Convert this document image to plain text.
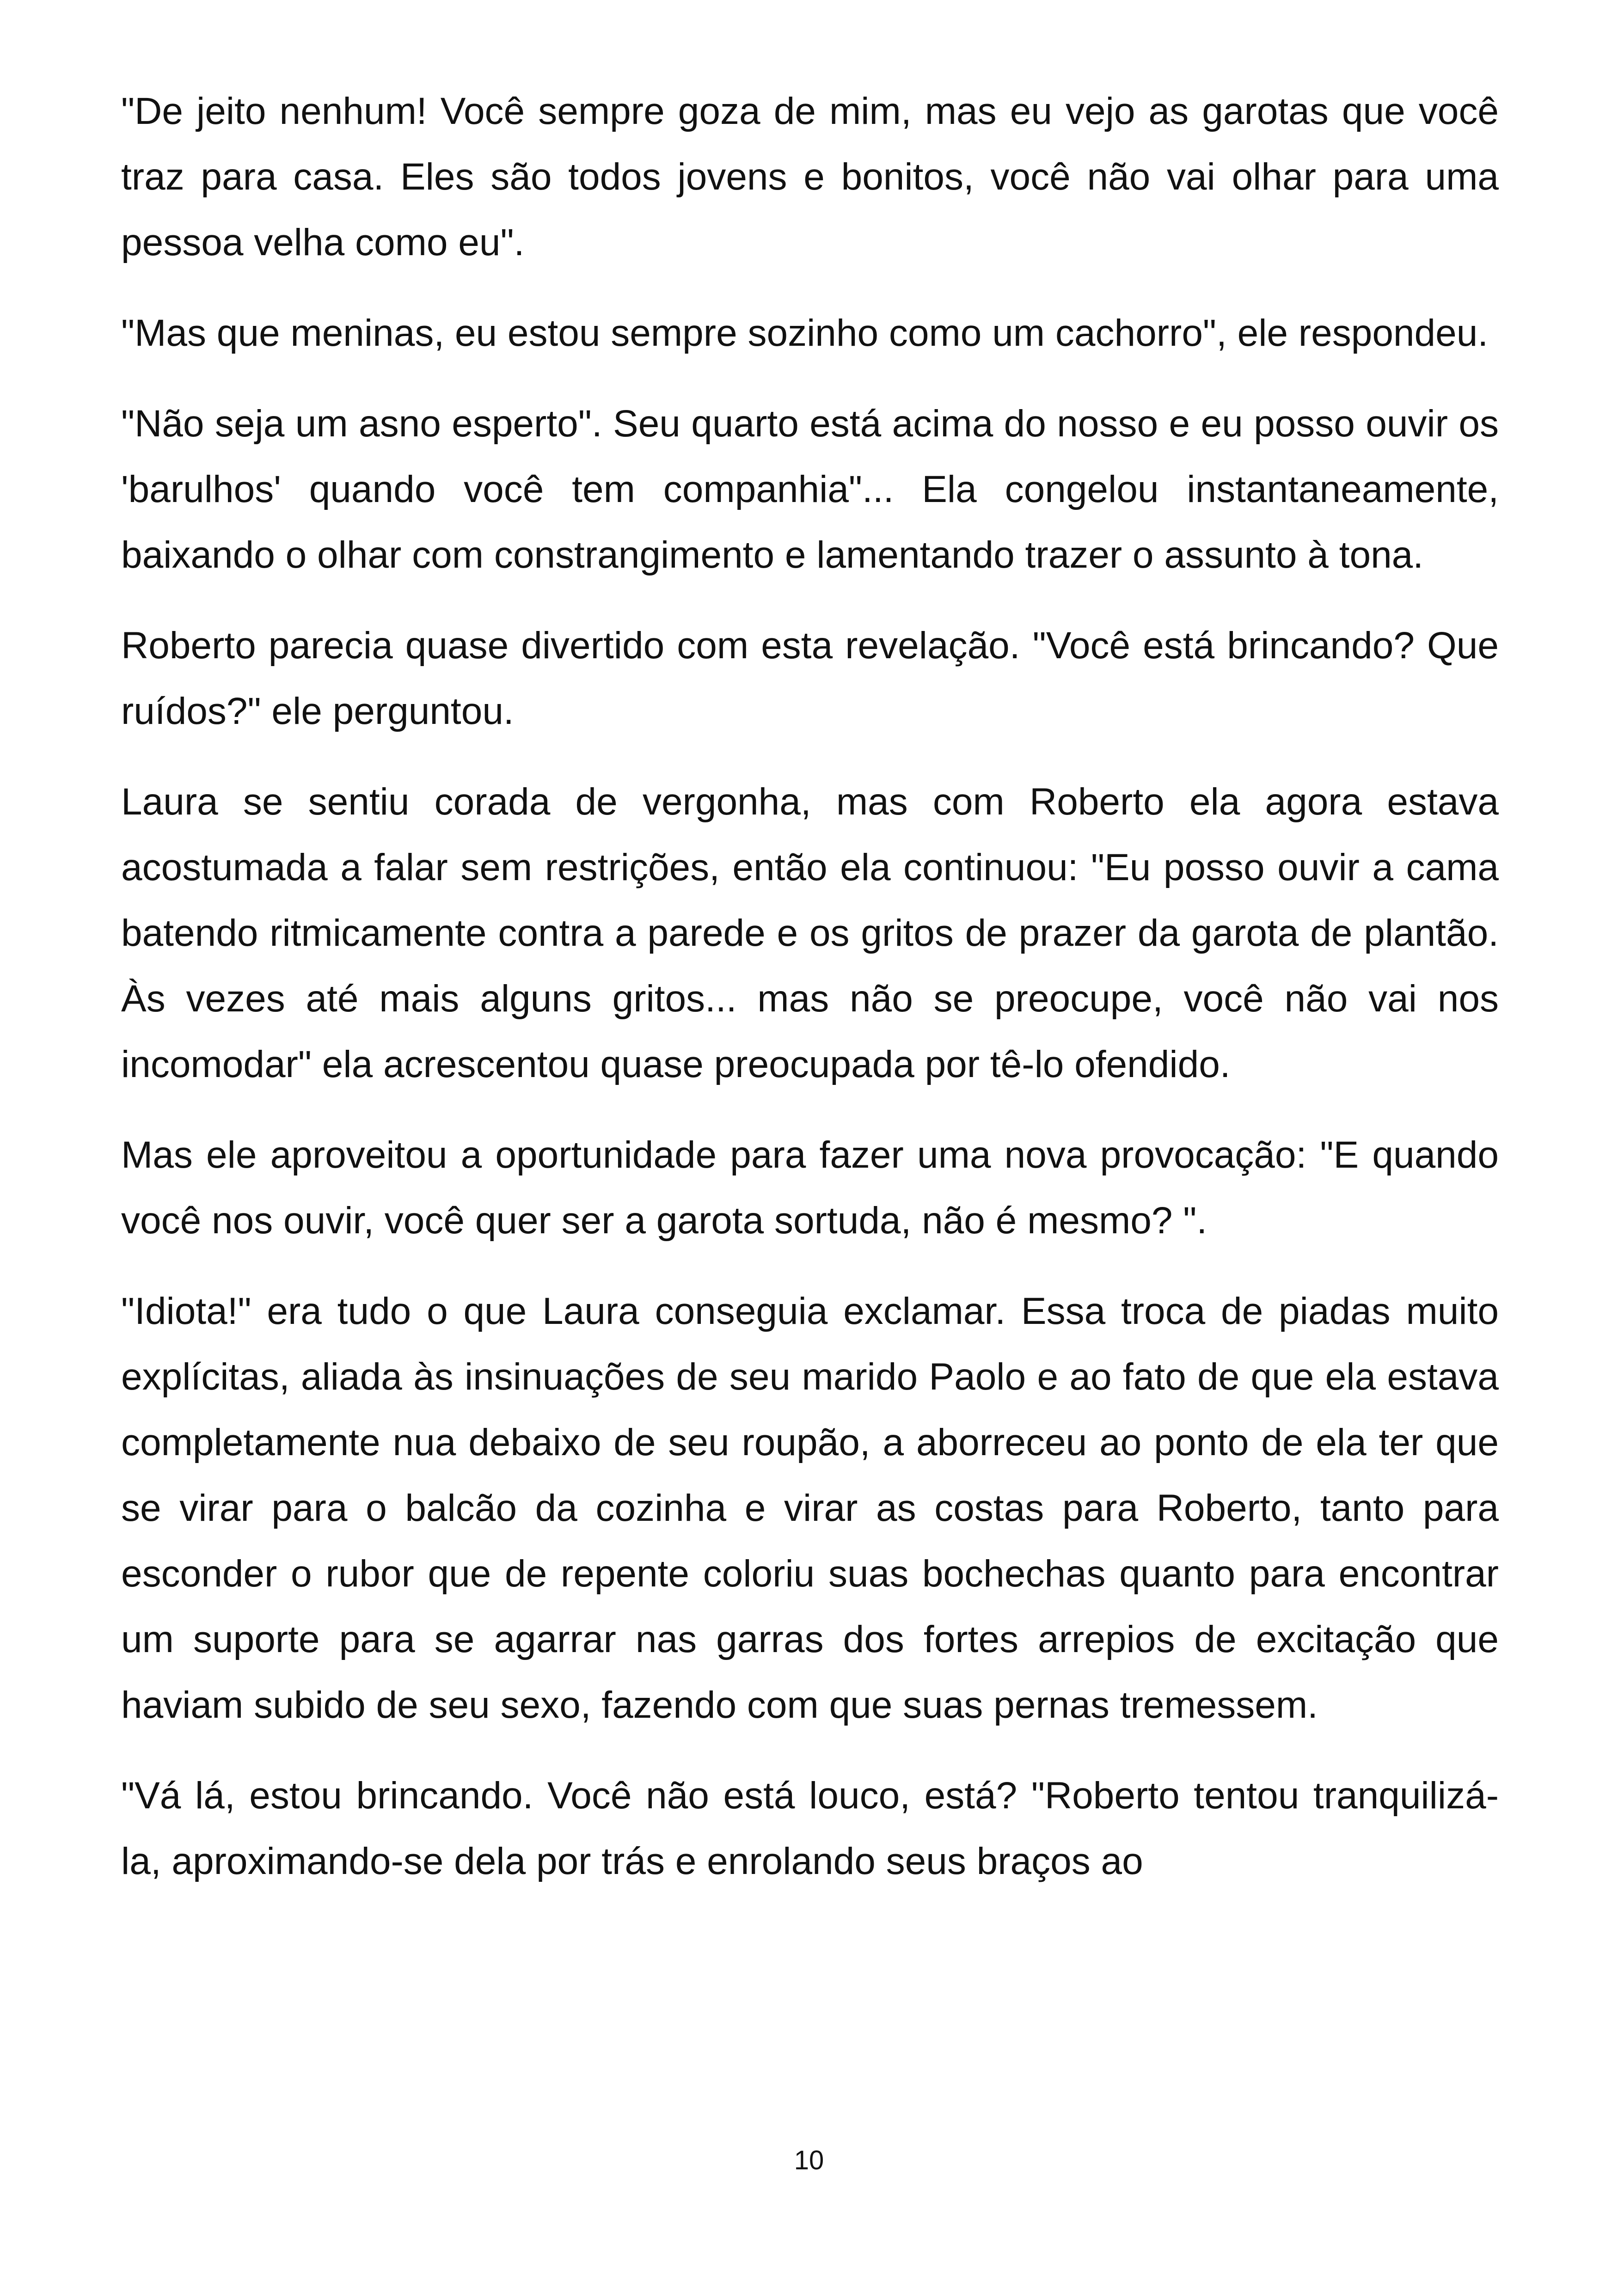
"De jeito nenhum! Você sempre goza de mim, mas eu vejo as garotas que você traz para casa. Eles são todos jovens e bonitos, você não vai olhar para uma pessoa velha como eu".

"Mas que meninas, eu estou sempre sozinho como um cachorro", ele respondeu.

"Não seja um asno esperto". Seu quarto está acima do nosso e eu posso ouvir os 'barulhos' quando você tem companhia"... Ela congelou instantaneamente, baixando o olhar com constrangimento e lamentando trazer o assunto à tona.

Roberto parecia quase divertido com esta revelação. "Você está brincando? Que ruídos?" ele perguntou.

Laura se sentiu corada de vergonha, mas com Roberto ela agora estava acostumada a falar sem restrições, então ela continuou: "Eu posso ouvir a cama batendo ritmicamente contra a parede e os gritos de prazer da garota de plantão. Às vezes até mais alguns gritos... mas não se preocupe, você não vai nos incomodar" ela acrescentou quase preocupada por tê-lo ofendido.

Mas ele aproveitou a oportunidade para fazer uma nova provocação: "E quando você nos ouvir, você quer ser a garota sortuda, não é mesmo? ".

"Idiota!" era tudo o que Laura conseguia exclamar. Essa troca de piadas muito explícitas, aliada às insinuações de seu marido Paolo e ao fato de que ela estava completamente nua debaixo de seu roupão, a aborreceu ao ponto de ela ter que se virar para o balcão da cozinha e virar as costas para Roberto, tanto para esconder o rubor que de repente coloriu suas bochechas quanto para encontrar um suporte para se agarrar nas garras dos fortes arrepios de excitação que haviam subido de seu sexo, fazendo com que suas pernas tremessem.

"Vá lá, estou brincando. Você não está louco, está? "Roberto tentou tranquilizá-la, aproximando-se dela por trás e enrolando seus braços ao

10
